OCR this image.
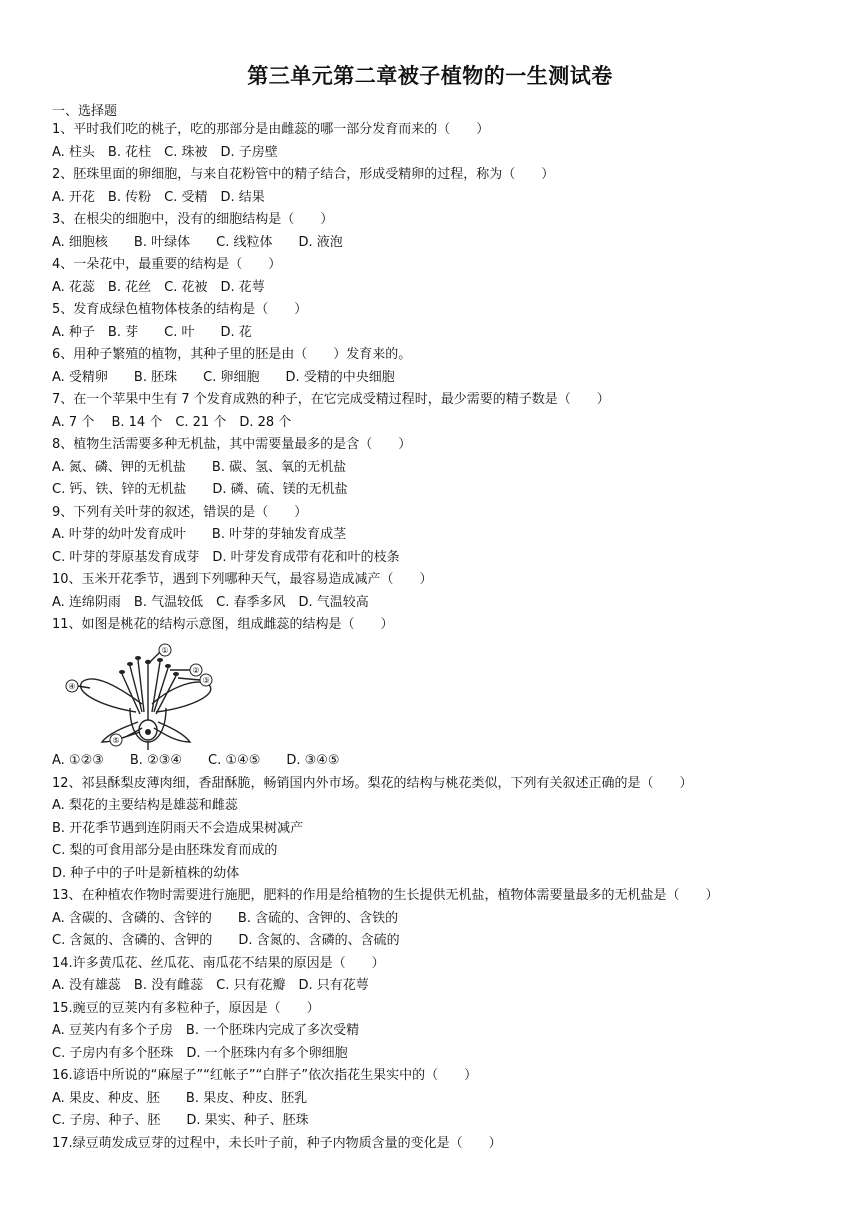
第三单元第二章被子植物的一生测试卷
一、选择题
1、平时我们吃的桃子，吃的那部分是由雌蕊的哪一部分发育而来的（　　）
A. 柱头　B. 花柱　C. 珠被　D. 子房壁
2、胚珠里面的卵细胞，与来自花粉管中的精子结合，形成受精卵的过程，称为（　　）
A. 开花　B. 传粉　C. 受精　D. 结果
3、在根尖的细胞中，没有的细胞结构是（　　）
A. 细胞核　　B. 叶绿体　　C. 线粒体　　D. 液泡
4、一朵花中，最重要的结构是（　　）
A. 花蕊　B. 花丝　C. 花被　D. 花萼
5、发育成绿色植物体枝条的结构是（　　）
A. 种子　B. 芽　　C. 叶　　D. 花
6、用种子繁殖的植物，其种子里的胚是由（　　）发育来的。
A. 受精卵　　B. 胚珠　　C. 卵细胞　　D. 受精的中央细胞
7、在一个苹果中生有 7 个发育成熟的种子，在它完成受精过程时，最少需要的精子数是（　　）
A. 7 个　 B. 14 个　C. 21 个　D. 28 个
8、植物生活需要多种无机盐，其中需要量最多的是含（　　）
A. 氮、磷、钾的无机盐　　B. 碳、氢、氧的无机盐
C. 钙、铁、锌的无机盐　　D. 磷、硫、镁的无机盐
9、下列有关叶芽的叙述，错误的是（　　）
A. 叶芽的幼叶发育成叶　　B. 叶芽的芽轴发育成茎
C. 叶芽的芽原基发育成芽　D. 叶芽发育成带有花和叶的枝条
10、玉米开花季节，遇到下列哪种天气，最容易造成减产（　　）
A. 连绵阴雨　B. 气温较低　C. 春季多风　D. 气温较高
11、如图是桃花的结构示意图，组成雌蕊的结构是（　　）
①
②
③
④
⑤
A. ①②③　　B. ②③④　　C. ①④⑤　　D. ③④⑤
12、祁县酥梨皮薄肉细，香甜酥脆，畅销国内外市场。梨花的结构与桃花类似，下列有关叙述正确的是（　　）
A. 梨花的主要结构是雄蕊和雌蕊
B. 开花季节遇到连阴雨天不会造成果树减产
C. 梨的可食用部分是由胚珠发育而成的
D. 种子中的子叶是新植株的幼体
13、在种植农作物时需要进行施肥，肥料的作用是给植物的生长提供无机盐，植物体需要量最多的无机盐是（　　）
A. 含碳的、含磷的、含锌的　　B. 含硫的、含钾的、含铁的
C. 含氮的、含磷的、含钾的　　D. 含氮的、含磷的、含硫的
14.许多黄瓜花、丝瓜花、南瓜花不结果的原因是（　　）
A. 没有雄蕊　B. 没有雌蕊　C. 只有花瓣　D. 只有花萼
15.豌豆的豆荚内有多粒种子，原因是（　　）
A. 豆荚内有多个子房　B. 一个胚珠内完成了多次受精
C. 子房内有多个胚珠　D. 一个胚珠内有多个卵细胞
16.谚语中所说的“麻屋子”“红帐子”“白胖子”依次指花生果实中的（　　）
A. 果皮、种皮、胚　　B. 果皮、种皮、胚乳
C. 子房、种子、胚　　D. 果实、种子、胚珠
17.绿豆萌发成豆芽的过程中，未长叶子前，种子内物质含量的变化是（　　）
